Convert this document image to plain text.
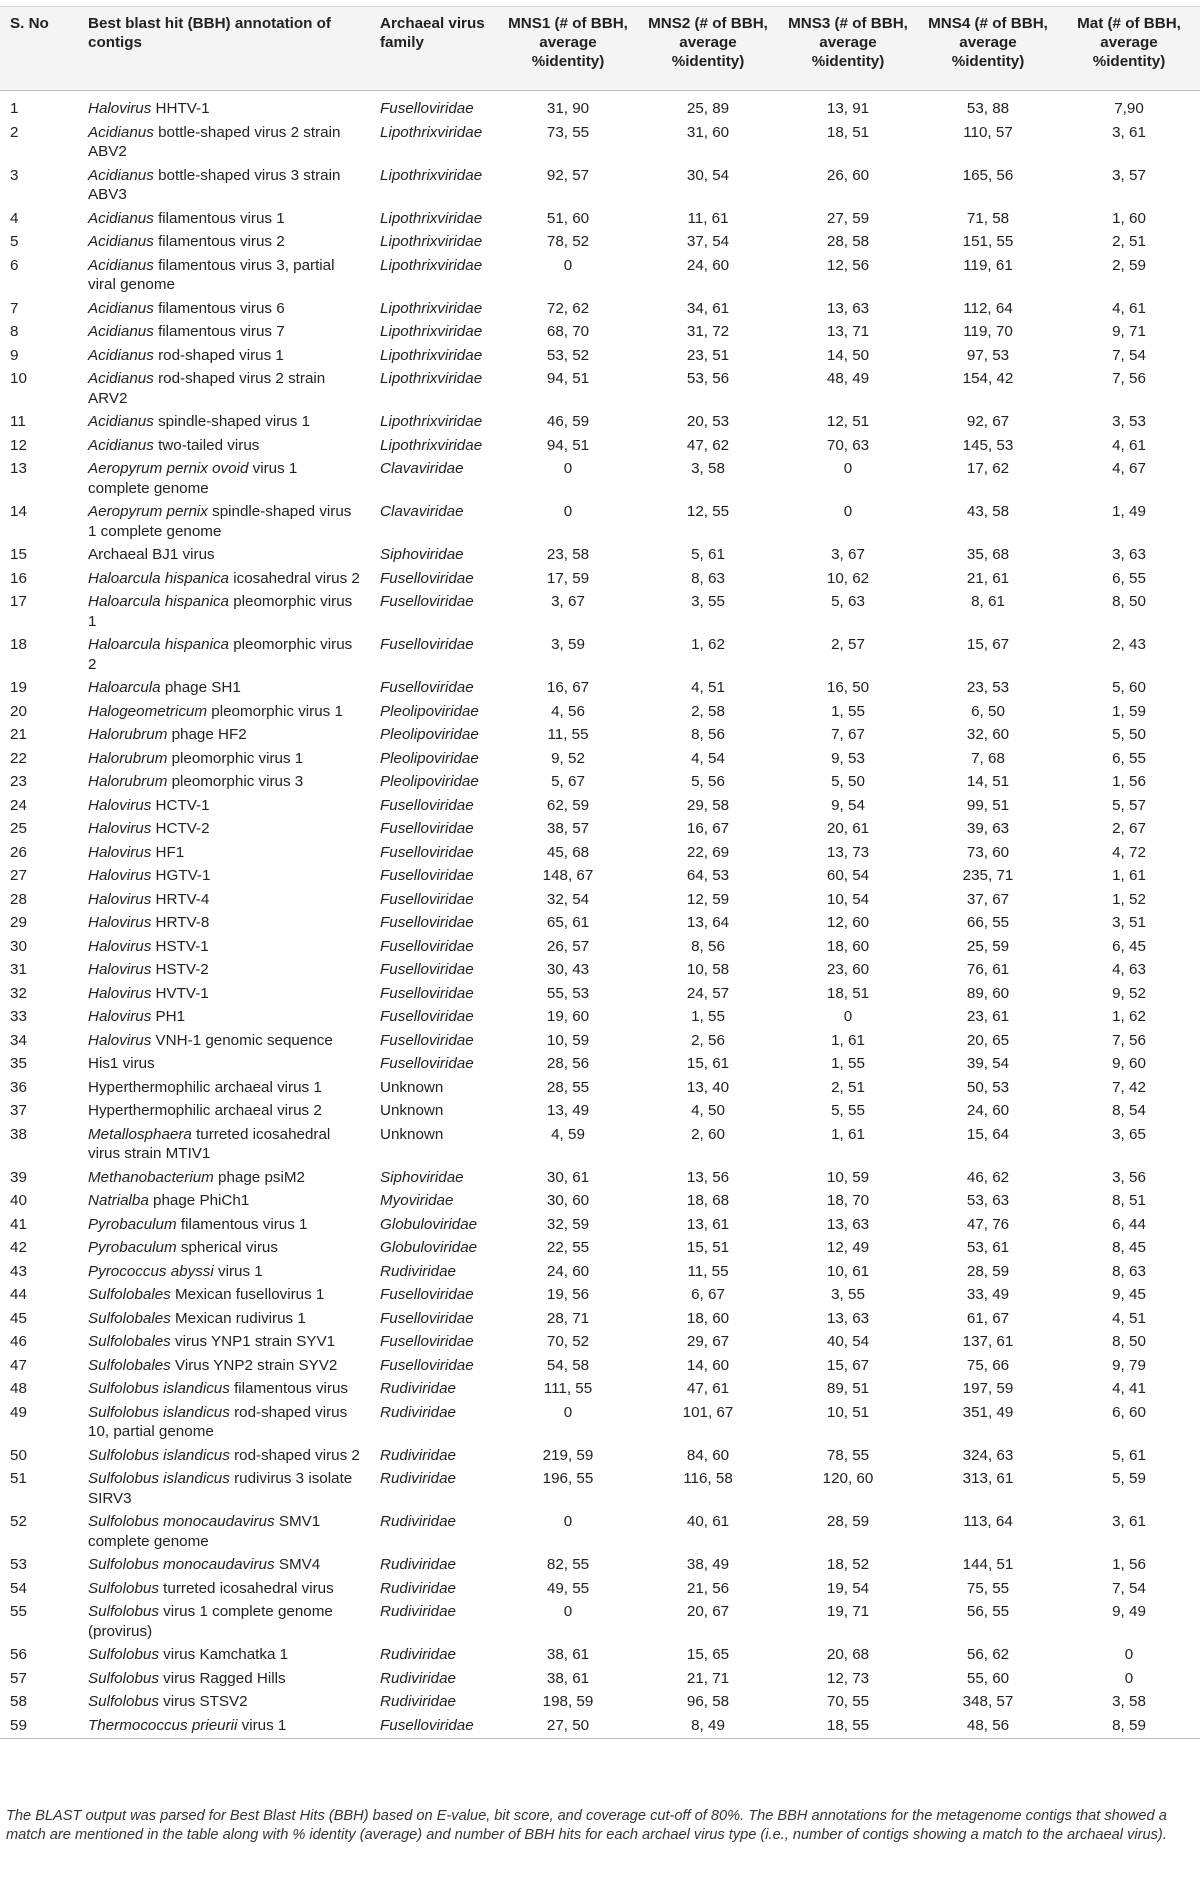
S. No	Best blast hit (BBH) annotation of contigs	Archaeal virus family	MNS1 (# of BBH, average %identity)	MNS2 (# of BBH, average %identity)	MNS3 (# of BBH, average %identity)	MNS4 (# of BBH, average %identity)	Mat (# of BBH, average %identity)
1	Halovirus HHTV-1	Fuselloviridae	31, 90	25, 89	13, 91	53, 88	7,90
2	Acidianus bottle-shaped virus 2 strain ABV2	Lipothrixviridae	73, 55	31, 60	18, 51	110, 57	3, 61
3	Acidianus bottle-shaped virus 3 strain ABV3	Lipothrixviridae	92, 57	30, 54	26, 60	165, 56	3, 57
4	Acidianus filamentous virus 1	Lipothrixviridae	51, 60	11, 61	27, 59	71, 58	1, 60
5	Acidianus filamentous virus 2	Lipothrixviridae	78, 52	37, 54	28, 58	151, 55	2, 51
6	Acidianus filamentous virus 3, partial viral genome	Lipothrixviridae	0	24, 60	12, 56	119, 61	2, 59
7	Acidianus filamentous virus 6	Lipothrixviridae	72, 62	34, 61	13, 63	112, 64	4, 61
8	Acidianus filamentous virus 7	Lipothrixviridae	68, 70	31, 72	13, 71	119, 70	9, 71
9	Acidianus rod-shaped virus 1	Lipothrixviridae	53, 52	23, 51	14, 50	97, 53	7, 54
10	Acidianus rod-shaped virus 2 strain ARV2	Lipothrixviridae	94, 51	53, 56	48, 49	154, 42	7, 56
11	Acidianus spindle-shaped virus 1	Lipothrixviridae	46, 59	20, 53	12, 51	92, 67	3, 53
12	Acidianus two-tailed virus	Lipothrixviridae	94, 51	47, 62	70, 63	145, 53	4, 61
13	Aeropyrum pernix ovoid virus 1 complete genome	Clavaviridae	0	3, 58	0	17, 62	4, 67
14	Aeropyrum pernix spindle-shaped virus 1 complete genome	Clavaviridae	0	12, 55	0	43, 58	1, 49
15	Archaeal BJ1 virus	Siphoviridae	23, 58	5, 61	3, 67	35, 68	3, 63
16	Haloarcula hispanica icosahedral virus 2	Fuselloviridae	17, 59	8, 63	10, 62	21, 61	6, 55
17	Haloarcula hispanica pleomorphic virus 1	Fuselloviridae	3, 67	3, 55	5, 63	8, 61	8, 50
18	Haloarcula hispanica pleomorphic virus 2	Fuselloviridae	3, 59	1, 62	2, 57	15, 67	2, 43
19	Haloarcula phage SH1	Fuselloviridae	16, 67	4, 51	16, 50	23, 53	5, 60
20	Halogeometricum pleomorphic virus 1	Pleolipoviridae	4, 56	2, 58	1, 55	6, 50	1, 59
21	Halorubrum phage HF2	Pleolipoviridae	11, 55	8, 56	7, 67	32, 60	5, 50
22	Halorubrum pleomorphic virus 1	Pleolipoviridae	9, 52	4, 54	9, 53	7, 68	6, 55
23	Halorubrum pleomorphic virus 3	Pleolipoviridae	5, 67	5, 56	5, 50	14, 51	1, 56
24	Halovirus HCTV-1	Fuselloviridae	62, 59	29, 58	9, 54	99, 51	5, 57
25	Halovirus HCTV-2	Fuselloviridae	38, 57	16, 67	20, 61	39, 63	2, 67
26	Halovirus HF1	Fuselloviridae	45, 68	22, 69	13, 73	73, 60	4, 72
27	Halovirus HGTV-1	Fuselloviridae	148, 67	64, 53	60, 54	235, 71	1, 61
28	Halovirus HRTV-4	Fuselloviridae	32, 54	12, 59	10, 54	37, 67	1, 52
29	Halovirus HRTV-8	Fuselloviridae	65, 61	13, 64	12, 60	66, 55	3, 51
30	Halovirus HSTV-1	Fuselloviridae	26, 57	8, 56	18, 60	25, 59	6, 45
31	Halovirus HSTV-2	Fuselloviridae	30, 43	10, 58	23, 60	76, 61	4, 63
32	Halovirus HVTV-1	Fuselloviridae	55, 53	24, 57	18, 51	89, 60	9, 52
33	Halovirus PH1	Fuselloviridae	19, 60	1, 55	0	23, 61	1, 62
34	Halovirus VNH-1 genomic sequence	Fuselloviridae	10, 59	2, 56	1, 61	20, 65	7, 56
35	His1 virus	Fuselloviridae	28, 56	15, 61	1, 55	39, 54	9, 60
36	Hyperthermophilic archaeal virus 1	Unknown	28, 55	13, 40	2, 51	50, 53	7, 42
37	Hyperthermophilic archaeal virus 2	Unknown	13, 49	4, 50	5, 55	24, 60	8, 54
38	Metallosphaera turreted icosahedral virus strain MTIV1	Unknown	4, 59	2, 60	1, 61	15, 64	3, 65
39	Methanobacterium phage psiM2	Siphoviridae	30, 61	13, 56	10, 59	46, 62	3, 56
40	Natrialba phage PhiCh1	Myoviridae	30, 60	18, 68	18, 70	53, 63	8, 51
41	Pyrobaculum filamentous virus 1	Globuloviridae	32, 59	13, 61	13, 63	47, 76	6, 44
42	Pyrobaculum spherical virus	Globuloviridae	22, 55	15, 51	12, 49	53, 61	8, 45
43	Pyrococcus abyssi virus 1	Rudiviridae	24, 60	11, 55	10, 61	28, 59	8, 63
44	Sulfolobales Mexican fusellovirus 1	Fuselloviridae	19, 56	6, 67	3, 55	33, 49	9, 45
45	Sulfolobales Mexican rudivirus 1	Fuselloviridae	28, 71	18, 60	13, 63	61, 67	4, 51
46	Sulfolobales virus YNP1 strain SYV1	Fuselloviridae	70, 52	29, 67	40, 54	137, 61	8, 50
47	Sulfolobales Virus YNP2 strain SYV2	Fuselloviridae	54, 58	14, 60	15, 67	75, 66	9, 79
48	Sulfolobus islandicus filamentous virus	Rudiviridae	111, 55	47, 61	89, 51	197, 59	4, 41
49	Sulfolobus islandicus rod-shaped virus 10, partial genome	Rudiviridae	0	101, 67	10, 51	351, 49	6, 60
50	Sulfolobus islandicus rod-shaped virus 2	Rudiviridae	219, 59	84, 60	78, 55	324, 63	5, 61
51	Sulfolobus islandicus rudivirus 3 isolate SIRV3	Rudiviridae	196, 55	116, 58	120, 60	313, 61	5, 59
52	Sulfolobus monocaudavirus SMV1 complete genome	Rudiviridae	0	40, 61	28, 59	113, 64	3, 61
53	Sulfolobus monocaudavirus SMV4	Rudiviridae	82, 55	38, 49	18, 52	144, 51	1, 56
54	Sulfolobus turreted icosahedral virus	Rudiviridae	49, 55	21, 56	19, 54	75, 55	7, 54
55	Sulfolobus virus 1 complete genome (provirus)	Rudiviridae	0	20, 67	19, 71	56, 55	9, 49
56	Sulfolobus virus Kamchatka 1	Rudiviridae	38, 61	15, 65	20, 68	56, 62	0
57	Sulfolobus virus Ragged Hills	Rudiviridae	38, 61	21, 71	12, 73	55, 60	0
58	Sulfolobus virus STSV2	Rudiviridae	198, 59	96, 58	70, 55	348, 57	3, 58
59	Thermococcus prieurii virus 1	Fuselloviridae	27, 50	8, 49	18, 55	48, 56	8, 59
The BLAST output was parsed for Best Blast Hits (BBH) based on E-value, bit score, and coverage cut-off of 80%. The BBH annotations for the metagenome contigs that showed a match are mentioned in the table along with % identity (average) and number of BBH hits for each archael virus type (i.e., number of contigs showing a match to the archaeal virus).
